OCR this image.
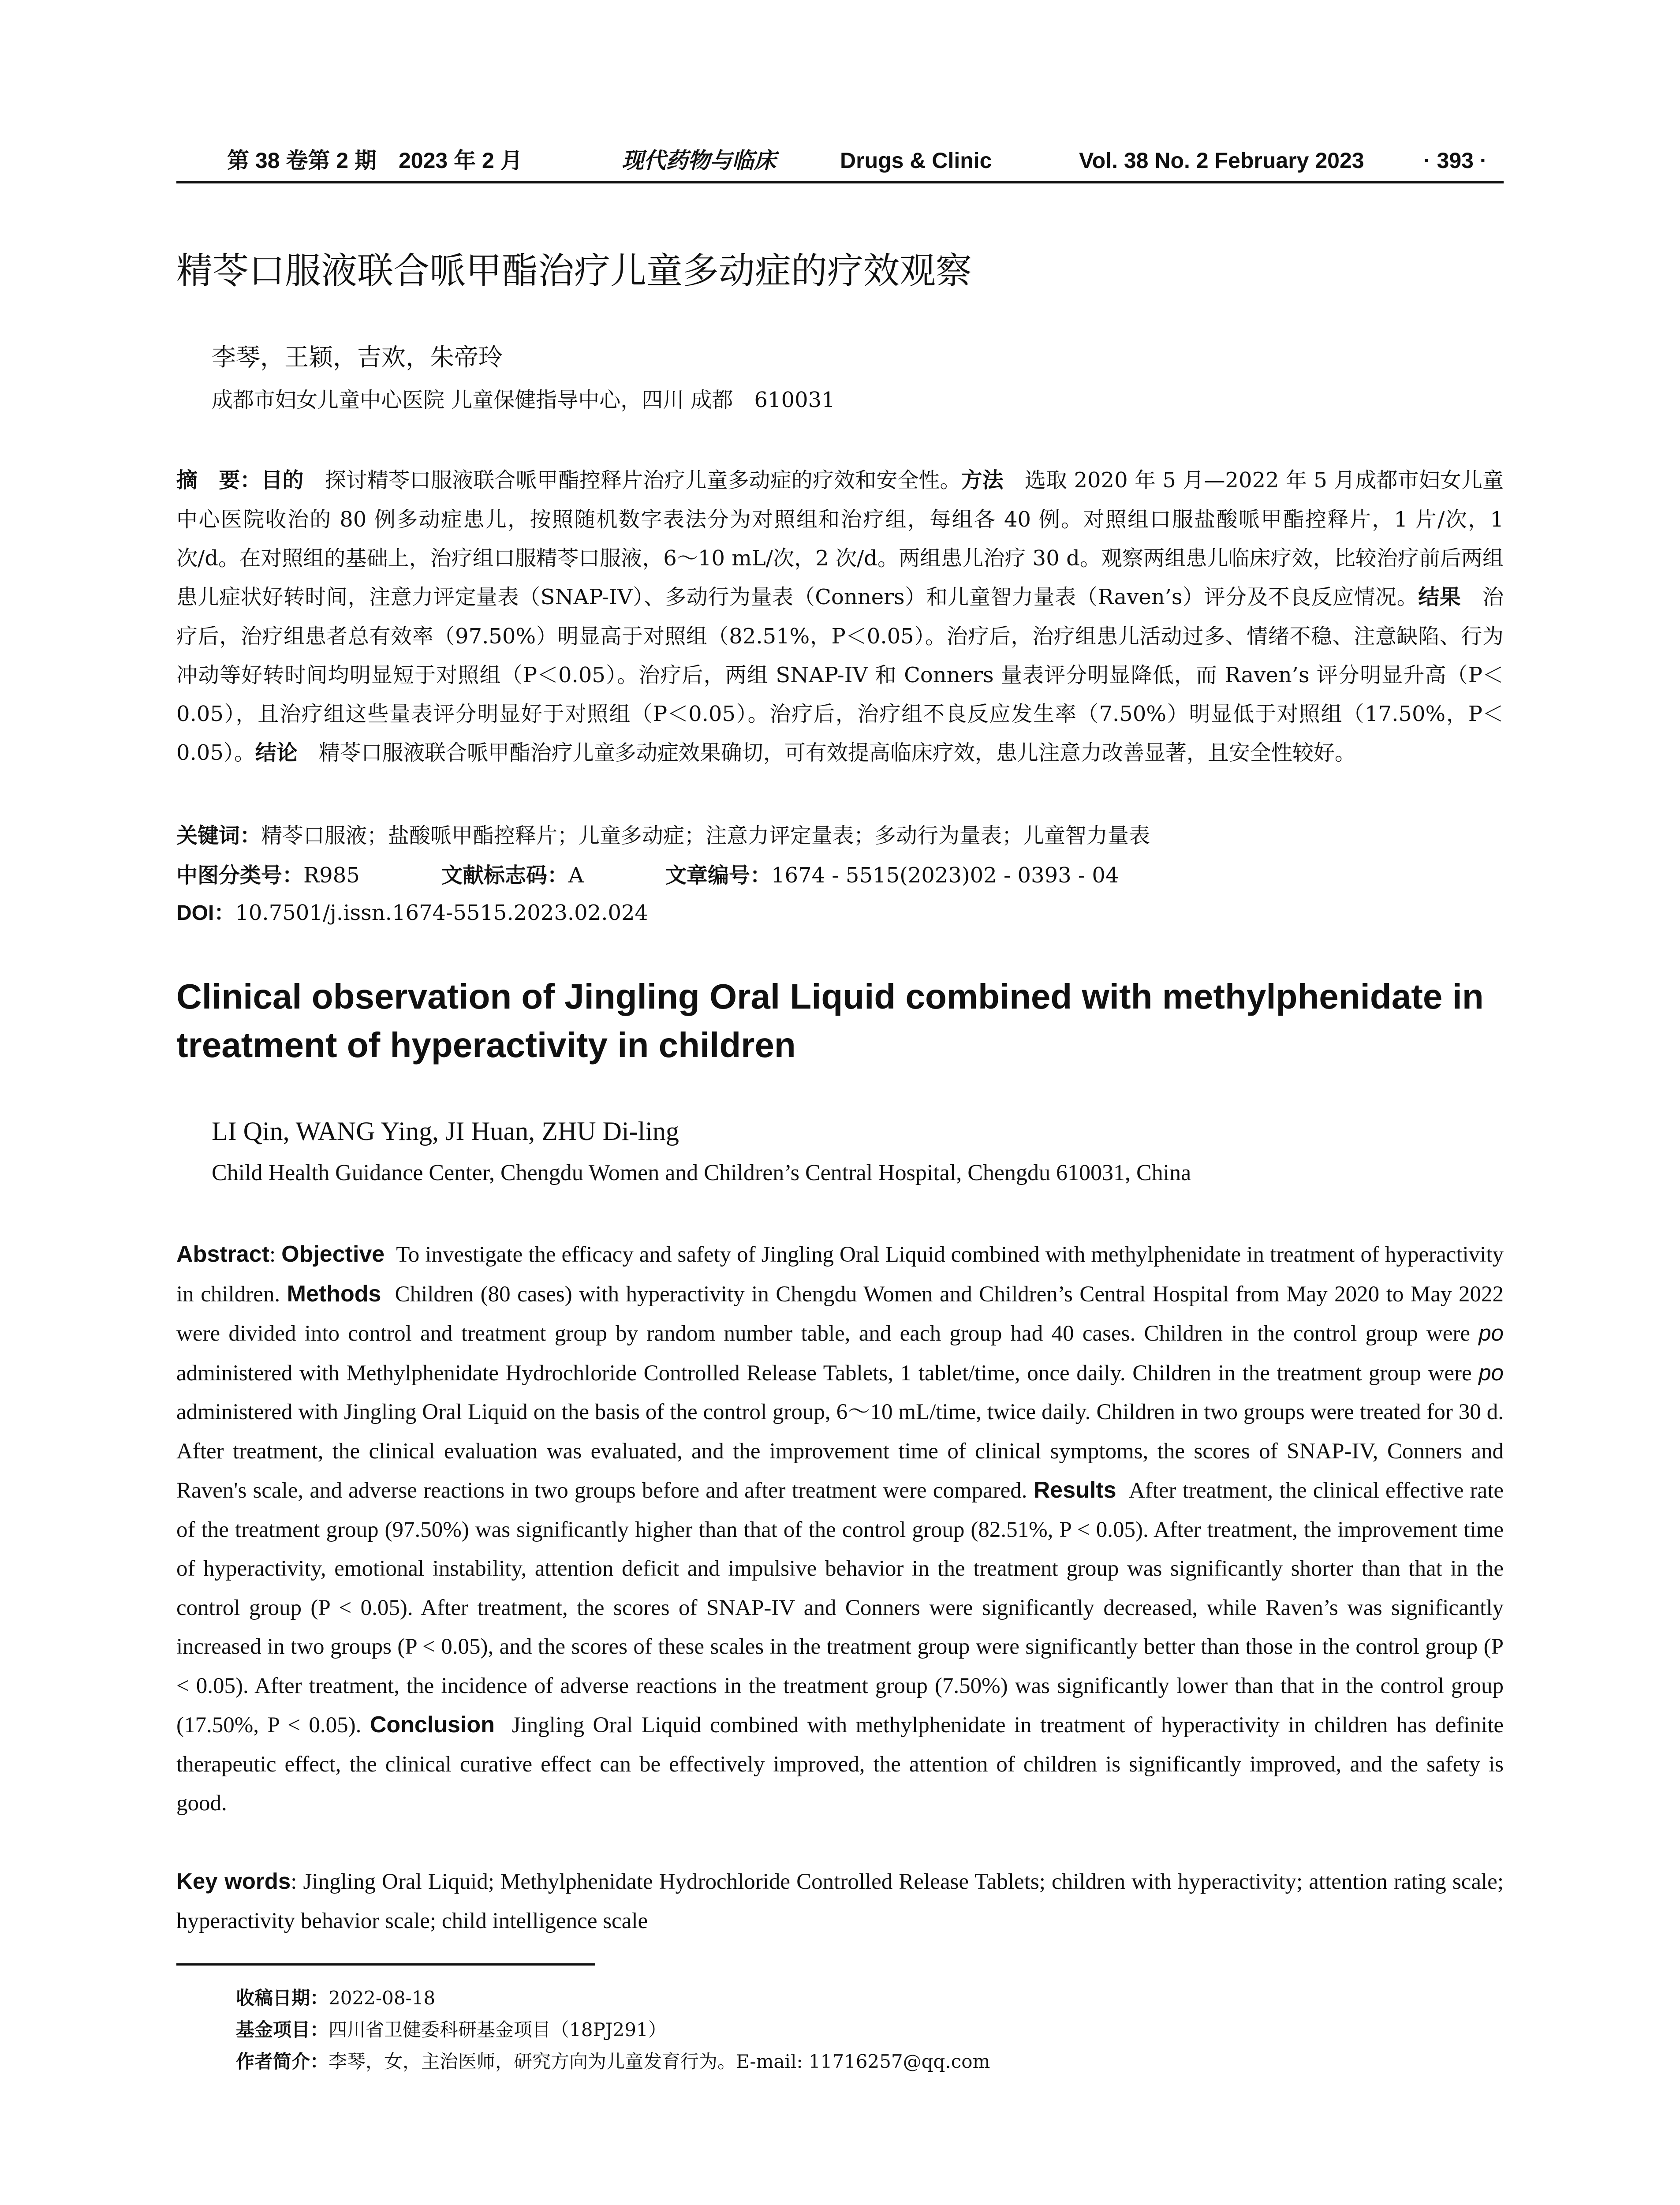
第 38 卷第 2 期　2023 年 2 月	现代药物与临床	Drugs & Clinic	Vol. 38 No. 2 February 2023	· 393 ·
精苓口服液联合哌甲酯治疗儿童多动症的疗效观察
李琴，王颖，吉欢，朱帝玲
成都市妇女儿童中心医院 儿童保健指导中心，四川 成都　610031
摘　要：目的　 探讨精苓口服液联合哌甲酯控释片治疗儿童多动症的疗效和安全性。方法　 选取 2020 年 5 月—2022 年 5 月成都市妇女儿童中心医院收治的 80 例多动症患儿，按照随机数字表法分为对照组和治疗组，每组各 40 例。对照组口服盐酸哌甲酯控释片，1 片/次，1 次/d。在对照组的基础上，治疗组口服精苓口服液，6～10 mL/次，2 次/d。两组患儿治疗 30 d。观察两组患儿临床疗效，比较治疗前后两组患儿症状好转时间，注意力评定量表（SNAP-IV）、多动行为量表（Conners）和儿童智力量表（Raven’s）评分及不良反应情况。结果　 治疗后，治疗组患者总有效率（97.50%）明显高于对照组（82.51%，P＜0.05）。治疗后，治疗组患儿活动过多、情绪不稳、注意缺陷、行为冲动等好转时间均明显短于对照组（P＜0.05）。治疗后，两组 SNAP-IV 和 Conners 量表评分明显降低，而 Raven’s 评分明显升高（P＜0.05），且治疗组这些量表评分明显好于对照组（P＜0.05）。治疗后，治疗组不良反应发生率（7.50%）明显低于对照组（17.50%，P＜0.05）。结论　 精苓口服液联合哌甲酯治疗儿童多动症效果确切，可有效提高临床疗效，患儿注意力改善显著，且安全性较好。
关键词：精苓口服液；盐酸哌甲酯控释片；儿童多动症；注意力评定量表；多动行为量表；儿童智力量表
中图分类号：R985	文献标志码：A	文章编号：1674 - 5515(2023)02 - 0393 - 04
DOI：10.7501/j.issn.1674-5515.2023.02.024
Clinical observation of Jingling Oral Liquid combined with methylphenidate in treatment of hyperactivity in children
LI Qin, WANG Ying, JI Huan, ZHU Di-ling
Child Health Guidance Center, Chengdu Women and Children’s Central Hospital, Chengdu 610031, China
Abstract: Objective To investigate the efficacy and safety of Jingling Oral Liquid combined with methylphenidate in treatment of hyperactivity in children. Methods Children (80 cases) with hyperactivity in Chengdu Women and Children’s Central Hospital from May 2020 to May 2022 were divided into control and treatment group by random number table, and each group had 40 cases. Children in the control group were po administered with Methylphenidate Hydrochloride Controlled Release Tablets, 1 tablet/time, once daily. Children in the treatment group were po administered with Jingling Oral Liquid on the basis of the control group, 6～10 mL/time, twice daily. Children in two groups were treated for 30 d. After treatment, the clinical evaluation was evaluated, and the improvement time of clinical symptoms, the scores of SNAP-IV, Conners and Raven's scale, and adverse reactions in two groups before and after treatment were compared. Results After treatment, the clinical effective rate of the treatment group (97.50%) was significantly higher than that of the control group (82.51%, P < 0.05). After treatment, the improvement time of hyperactivity, emotional instability, attention deficit and impulsive behavior in the treatment group was significantly shorter than that in the control group (P < 0.05). After treatment, the scores of SNAP-IV and Conners were significantly decreased, while Raven’s was significantly increased in two groups (P < 0.05), and the scores of these scales in the treatment group were significantly better than those in the control group (P < 0.05). After treatment, the incidence of adverse reactions in the treatment group (7.50%) was significantly lower than that in the control group (17.50%, P < 0.05). Conclusion Jingling Oral Liquid combined with methylphenidate in treatment of hyperactivity in children has definite therapeutic effect, the clinical curative effect can be effectively improved, the attention of children is significantly improved, and the safety is good.
Key words: Jingling Oral Liquid; Methylphenidate Hydrochloride Controlled Release Tablets; children with hyperactivity; attention rating scale; hyperactivity behavior scale; child intelligence scale
收稿日期：2022-08-18
基金项目：四川省卫健委科研基金项目（18PJ291）
作者简介：李琴，女，主治医师，研究方向为儿童发育行为。E-mail: 11716257@qq.com
